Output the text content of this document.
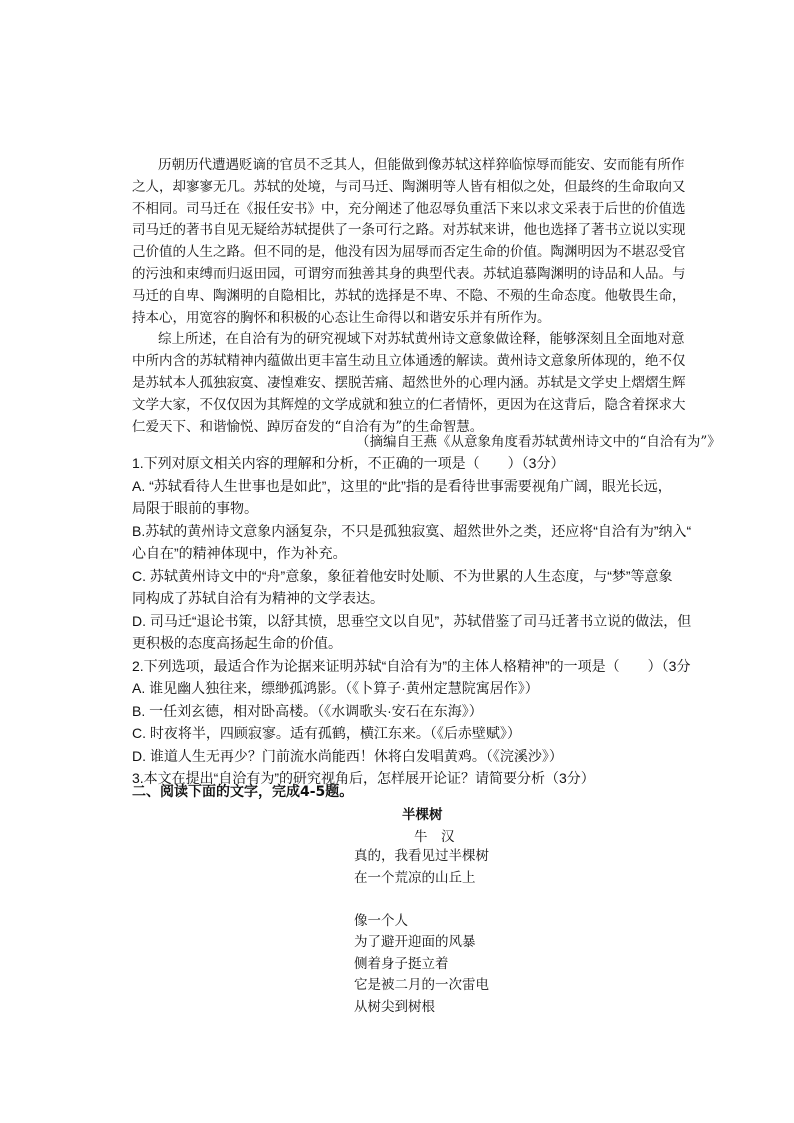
历朝历代遭遇贬谪的官员不乏其人，但能做到像苏轼这样猝临惊辱而能安、安而能有所作
之人，却寥寥无几。苏轼的处境，与司马迁、陶渊明等人皆有相似之处，但最终的生命取向又
不相同。司马迁在《报任安书》中，充分阐述了他忍辱负重活下来以求文采表于后世的价值选
司马迁的著书自见无疑给苏轼提供了一条可行之路。对苏轼来讲，他也选择了著书立说以实现
己价值的人生之路。但不同的是，他没有因为屈辱而否定生命的价值。陶渊明因为不堪忍受官
的污浊和束缚而归返田园，可谓穷而独善其身的典型代表。苏轼追慕陶渊明的诗品和人品。与
马迁的自卑、陶渊明的自隐相比，苏轼的选择是不卑、不隐、不殒的生命态度。他敬畏生命，
持本心，用宽容的胸怀和积极的心态让生命得以和谐安乐并有所作为。
综上所述，在自洽有为的研究视域下对苏轼黄州诗文意象做诠释，能够深刻且全面地对意
中所内含的苏轼精神内蕴做出更丰富生动且立体通透的解读。黄州诗文意象所体现的，绝不仅
是苏轼本人孤独寂寞、凄惶难安、摆脱苦痛、超然世外的心理内涵。苏轼是文学史上熠熠生辉
文学大家，不仅仅因为其辉煌的文学成就和独立的仁者情怀，更因为在这背后，隐含着探求大
仁爱天下、和谐愉悦、踔厉奋发的“自洽有为”的生命智慧。
（摘编自王燕《从意象角度看苏轼黄州诗文中的“自洽有为”》
1.下列对原文相关内容的理解和分析，不正确的一项是（　　）（3分）
A. “苏轼看待人生世事也是如此”，这里的“此”指的是看待世事需要视角广阔，眼光长远，
局限于眼前的事物。
B.苏轼的黄州诗文意象内涵复杂，不只是孤独寂寞、超然世外之类，还应将“自洽有为”纳入“
心自在”的精神体现中，作为补充。
C. 苏轼黄州诗文中的“舟”意象，象征着他安时处顺、不为世累的人生态度，与“梦”等意象
同构成了苏轼自洽有为精神的文学表达。
D. 司马迁“退论书策，以舒其愤，思垂空文以自见”，苏轼借鉴了司马迁著书立说的做法，但
更积极的态度高扬起生命的价值。
2.下列选项，最适合作为论据来证明苏轼“自洽有为”的主体人格精神”的一项是（　　）（3分
A. 谁见幽人独往来，缥缈孤鸿影。（《卜算子·黄州定慧院寓居作》）
B. 一任刘玄德，相对卧高楼。（《水调歌头·安石在东海》）
C. 时夜将半，四顾寂寥。适有孤鹤，横江东来。（《后赤壁赋》）
D. 谁道人生无再少？门前流水尚能西！休将白发唱黄鸡。（《浣溪沙》）
3.本文在提出“自洽有为”的研究视角后，怎样展开论证？请简要分析（3分）
二、阅读下面的文字，完成4-5题。
半棵树
牛　汉
真的，我看见过半棵树
在一个荒凉的山丘上
像一个人
为了避开迎面的风暴
侧着身子挺立着
它是被二月的一次雷电
从树尖到树根
